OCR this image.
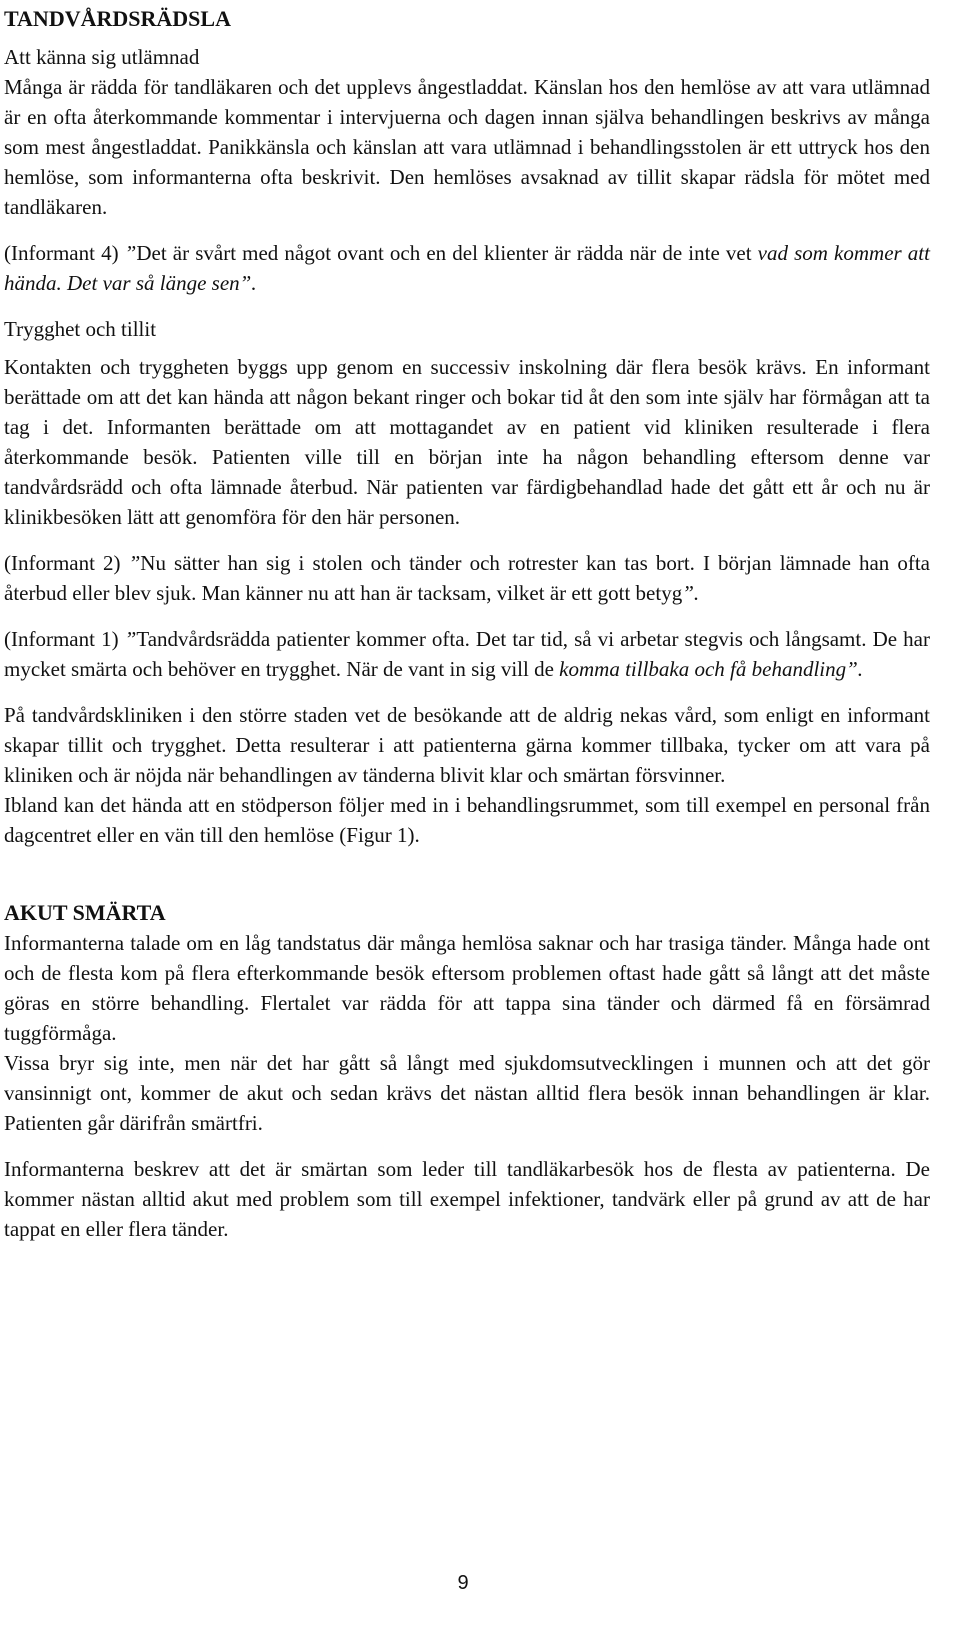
TANDVÅRDSRÄDSLA
Att känna sig utlämnad

Många är rädda för tandläkaren och det upplevs ångestladdat. Känslan hos den hemlöse av att vara utlämnad är en ofta återkommande kommentar i intervjuerna och dagen innan själva behandlingen beskrivs av många som mest ångestladdat. Panikkänsla och känslan att vara utlämnad i behandlingsstolen är ett uttryck hos den hemlöse, som informanterna ofta beskrivit. Den hemlöses avsaknad av tillit skapar rädsla för mötet med tandläkaren.

(Informant 4) ”Det är svårt med något ovant och en del klienter är rädda när de inte vet vad som kommer att hända. Det var så länge sen”.

Trygghet och tillit

Kontakten och tryggheten byggs upp genom en successiv inskolning där flera besök krävs. En informant berättade om att det kan hända att någon bekant ringer och bokar tid åt den som inte själv har förmågan att ta tag i det. Informanten berättade om att mottagandet av en patient vid kliniken resulterade i flera återkommande besök. Patienten ville till en början inte ha någon behandling eftersom denne var tandvårdsrädd och ofta lämnade återbud. När patienten var färdigbehandlad hade det gått ett år och nu är klinikbesöken lätt att genomföra för den här personen.

(Informant 2) ”Nu sätter han sig i stolen och tänder och rotrester kan tas bort. I början lämnade han ofta återbud eller blev sjuk. Man känner nu att han är tacksam, vilket är ett gott betyg”.

(Informant 1) ”Tandvårdsrädda patienter kommer ofta. Det tar tid, så vi arbetar stegvis och långsamt. De har mycket smärta och behöver en trygghet. När de vant in sig vill de komma tillbaka och få behandling”.

På tandvårdskliniken i den större staden vet de besökande att de aldrig nekas vård, som enligt en informant skapar tillit och trygghet. Detta resulterar i att patienterna gärna kommer tillbaka, tycker om att vara på kliniken och är nöjda när behandlingen av tänderna blivit klar och smärtan försvinner.

Ibland kan det hända att en stödperson följer med in i behandlingsrummet, som till exempel en personal från dagcentret eller en vän till den hemlöse (Figur 1).

AKUT SMÄRTA

Informanterna talade om en låg tandstatus där många hemlösa saknar och har trasiga tänder. Många hade ont och de flesta kom på flera efterkommande besök eftersom problemen oftast hade gått så långt att det måste göras en större behandling. Flertalet var rädda för att tappa sina tänder och därmed få en försämrad tuggförmåga.

Vissa bryr sig inte, men när det har gått så långt med sjukdomsutvecklingen i munnen och att det gör vansinnigt ont, kommer de akut och sedan krävs det nästan alltid flera besök innan behandlingen är klar. Patienten går därifrån smärtfri.

Informanterna beskrev att det är smärtan som leder till tandläkarbesök hos de flesta av patienterna. De kommer nästan alltid akut med problem som till exempel infektioner, tandvärk eller på grund av att de har tappat en eller flera tänder.

9
